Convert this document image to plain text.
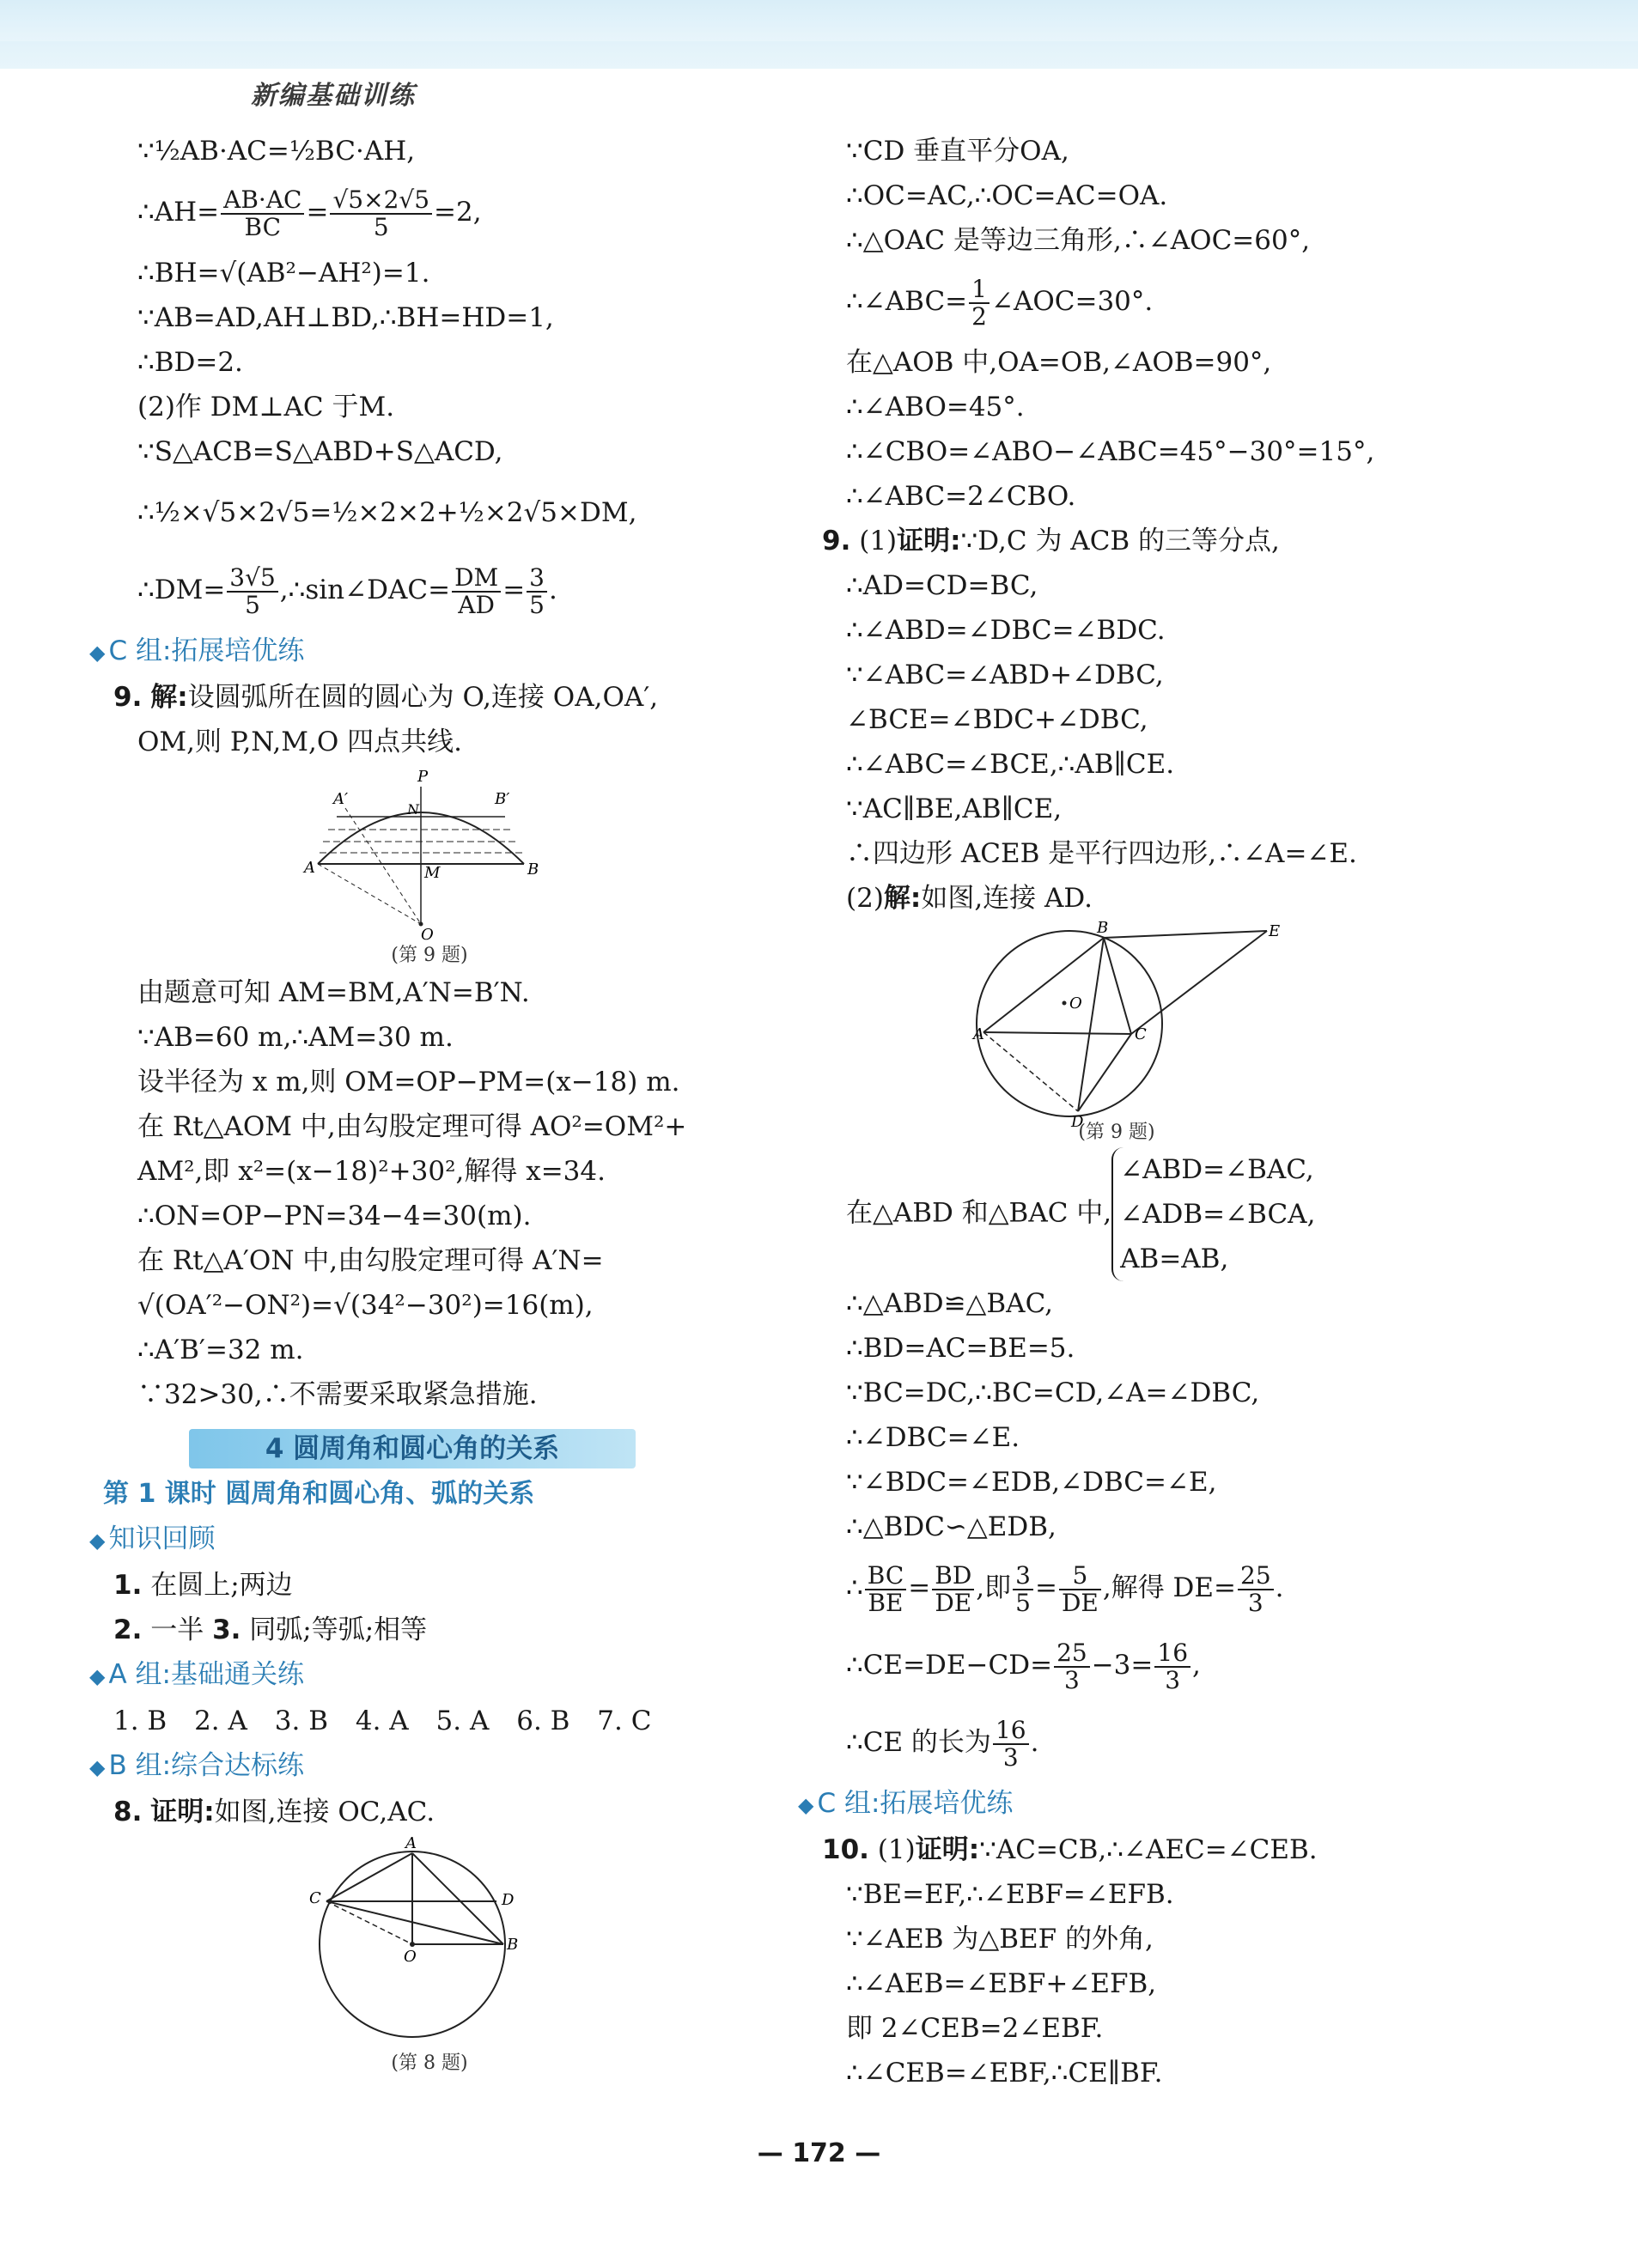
新编基础训练
∵½AB·AC=½BC·AH,
∴AH= $\frac{AB\cdot AC}{BC} = \frac{√5\times 2√5}{5} =2$,
∴BH=√(AB²−AH²)=1.
∵AB=AD,AH⊥BD,∴BH=HD=1,
∴BD=2.
(2)作 DM⊥AC 于M.
∵S△ACB=S△ABD+S△ACD,
∴½×√5×2√5=½×2×2+½×2√5×DM,
∴DM= $\frac{3√5}{5}$ ,∴sin∠DAC= $\frac{DM}{AD} = \frac{3}{5}$ .
◆ C 组:拓展培优练
9. 解:设圆弧所在圆的圆心为 O,连接 OA,OA′,
OM,则 P,N,M,O 四点共线.
P
A′	B′
N
A	B
M
O
(第 9 题)
由题意可知 AM=BM,A′N=B′N.
∵AB=60 m,∴AM=30 m.
设半径为 x m,则 OM=OP−PM=(x−18) m.
在 Rt△AOM 中,由勾股定理可得 AO²=OM²+
AM²,即 x²=(x−18)²+30²,解得 x=34.
∴ON=OP−PN=34−4=30(m).
在 Rt△A′ON 中,由勾股定理可得 A′N=
√(OA′²−ON²)=√(34²−30²)=16(m),
∴A′B′=32 m.
∵32>30,∴不需要采取紧急措施.
4 圆周角和圆心角的关系
第 1 课时 圆周角和圆心角、弧的关系
◆ 知识回顾
1. 在圆上;两边
2. 一半 3. 同弧;等弧;相等
◆ A 组:基础通关练
1. B 2. A 3. B 4. A 5. A 6. B 7. C
◆ B 组:综合达标练
8. 证明:如图,连接 OC,AC.
A
C	D
B
O
(第 8 题)
∵CD 垂直平分OA,
∴OC=AC,∴OC=AC=OA.
∴△OAC 是等边三角形,∴∠AOC=60°,
∴∠ABC= $\frac{1}{2}$ ∠AOC=30°.
在△AOB 中,OA=OB,∠AOB=90°,
∴∠ABO=45°.
∴∠CBO=∠ABO−∠ABC=45°−30°=15°,
∴∠ABC=2∠CBO.
9. (1)证明:∵D,C 为 ACB 的三等分点,
∴AD=CD=BC,
∴∠ABD=∠DBC=∠BDC.
∵∠ABC=∠ABD+∠DBC,
∠BCE=∠BDC+∠DBC,
∴∠ABC=∠BCE,∴AB∥CE.
∵AC∥BE,AB∥CE,
∴四边形 ACEB 是平行四边形,∴∠A=∠E.
(2)解:如图,连接 AD.
B	E
O
A	C
D
(第 9 题)
在△ABD 和△BAC 中,
∠ABD=∠BAC,
∠ADB=∠BCA,
AB=AB,
∴△ABD≌△BAC,
∴BD=AC=BE=5.
∵BC=DC,∴BC=CD,∠A=∠DBC,
∴∠DBC=∠E.
∵∠BDC=∠EDB,∠DBC=∠E,
∴△BDC∽△EDB,
∴ $\frac{BC}{BE} = \frac{BD}{DE}$ ,即 $\frac{3}{5} = \frac{5}{DE}$ ,解得 $DE= \frac{25}{3}$ .
∴CE=DE−CD= $\frac{25}{3} -3= \frac{16}{3}$ ,
∴CE 的长为 $\frac{16}{3}$ .
◆ C 组:拓展培优练
10. (1)证明:∵AC=CB,∴∠AEC=∠CEB.
∵BE=EF,∴∠EBF=∠EFB.
∵∠AEB 为△BEF 的外角,
∴∠AEB=∠EBF+∠EFB,
即 2∠CEB=2∠EBF.
∴∠CEB=∠EBF,∴CE∥BF.
— 172 —
